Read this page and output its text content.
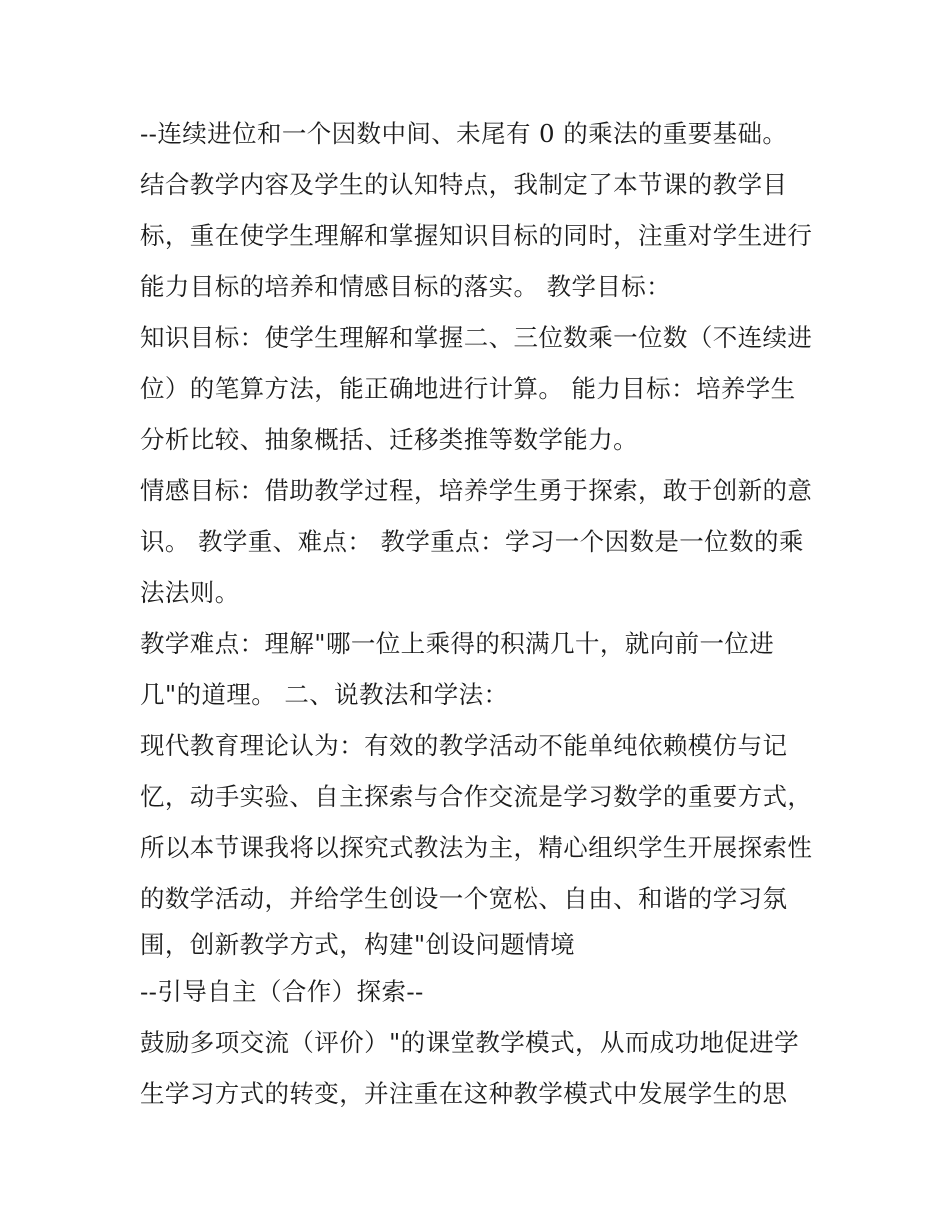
--连续进位和一个因数中间、未尾有 0 的乘法的重要基础。
结合教学内容及学生的认知特点，我制定了本节课的教学目
标，重在使学生理解和掌握知识目标的同时，注重对学生进行
能力目标的培养和情感目标的落实。 教学目标：
知识目标：使学生理解和掌握二、三位数乘一位数（不连续进
位）的笔算方法，能正确地进行计算。 能力目标：培养学生
分析比较、抽象概括、迁移类推等数学能力。
情感目标：借助教学过程，培养学生勇于探索，敢于创新的意
识。 教学重、难点： 教学重点：学习一个因数是一位数的乘
法法则。
教学难点：理解"哪一位上乘得的积满几十，就向前一位进
几"的道理。 二、说教法和学法：
现代教育理论认为：有效的教学活动不能单纯依赖模仿与记
忆，动手实验、自主探索与合作交流是学习数学的重要方式，
所以本节课我将以探究式教法为主，精心组织学生开展探索性
的数学活动，并给学生创设一个宽松、自由、和谐的学习氛
围，创新教学方式，构建"创设问题情境
--引导自主（合作）探索--
鼓励多项交流（评价）"的课堂教学模式，从而成功地促进学
生学习方式的转变，并注重在这种教学模式中发展学生的思
